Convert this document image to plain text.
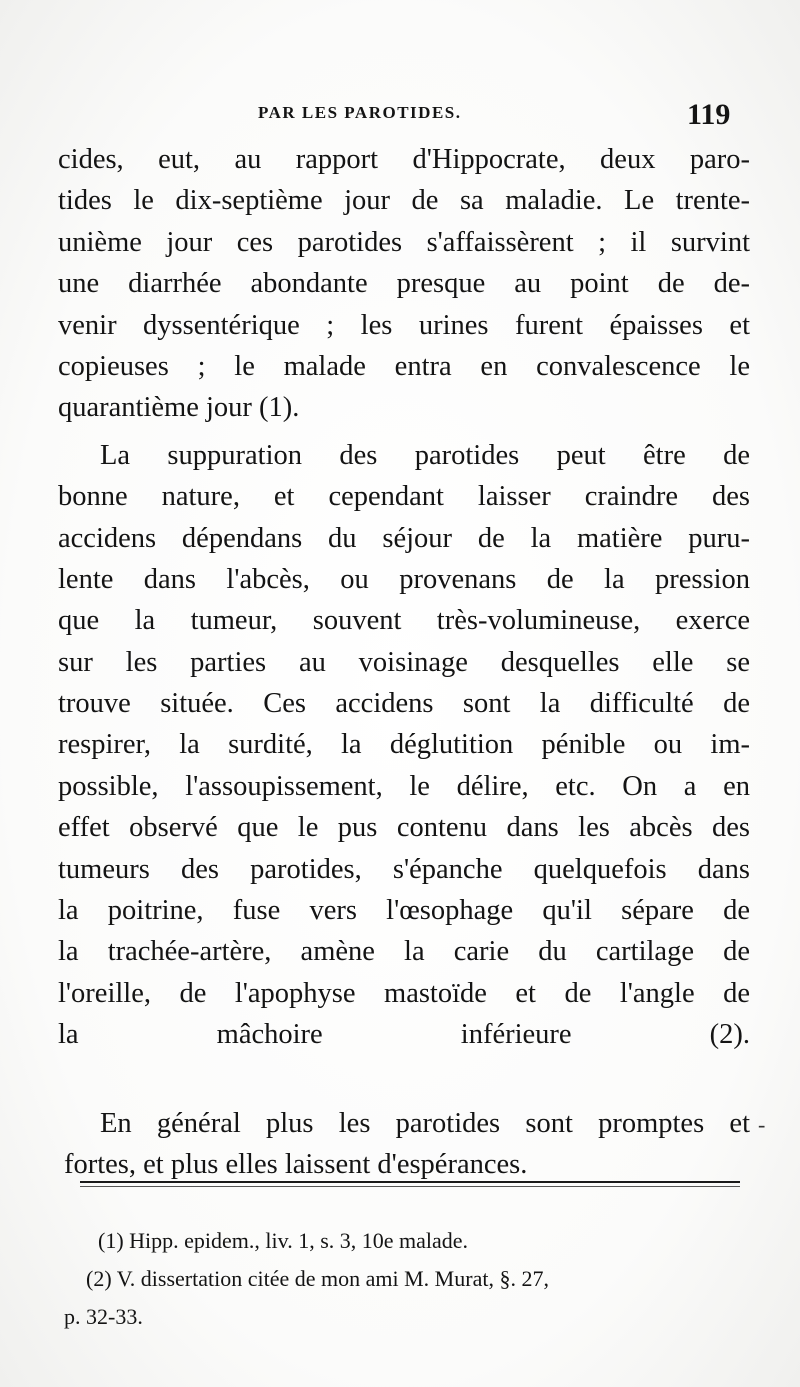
PAR LES PAROTIDES.	119
cides, eut, au rapport d'Hippocrate, deux paro-
tides le dix-septième jour de sa maladie. Le trente-
unième jour ces parotides s'affaissèrent ; il survint
une diarrhée abondante presque au point de de-
venir dyssentérique ; les urines furent épaisses et
copieuses ; le malade entra en convalescence le
quarantième jour (1).
La suppuration des parotides peut être de
bonne nature, et cependant laisser craindre des
accidens dépendans du séjour de la matière puru-
lente dans l'abcès, ou provenans de la pression
que la tumeur, souvent très-volumineuse, exerce
sur les parties au voisinage desquelles elle se
trouve située. Ces accidens sont la difficulté de
respirer, la surdité, la déglutition pénible ou im-
possible, l'assoupissement, le délire, etc. On a en
effet observé que le pus contenu dans les abcès des
tumeurs des parotides, s'épanche quelquefois dans
la poitrine, fuse vers l'œsophage qu'il sépare de
la trachée-artère, amène la carie du cartilage de
l'oreille, de l'apophyse mastoïde et de l'angle de
la mâchoire inférieure (2).
En général plus les parotides sont promptes et
fortes, et plus elles laissent d'espérances.
-
(1) Hipp. epidem., liv. 1, s. 3, 10e malade.
(2) V. dissertation citée de mon ami M. Murat, §. 27,
p. 32-33.
